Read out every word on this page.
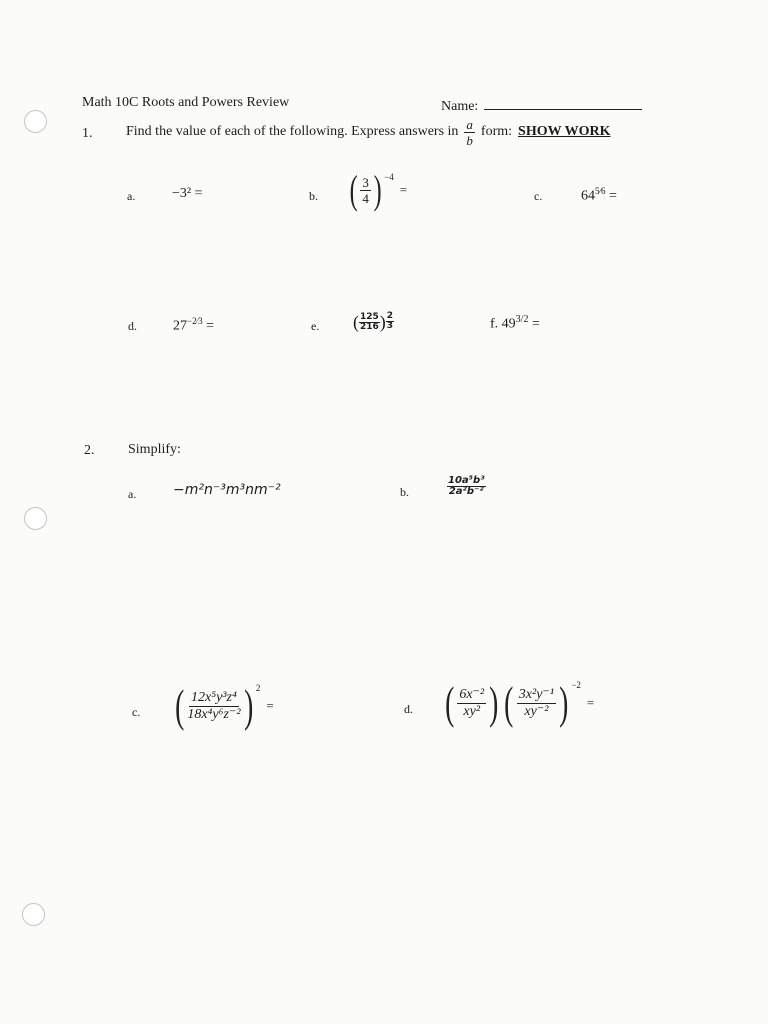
Math 10C Roots and Powers Review	Name:
1. Find the value of each of the following. Express answers in $\frac{a}{b}$ form: SHOW WORK
a.	−3² =	b. ( $\frac{3}{4}$ ) $^{-4}$
=	c.	$64^{5⁄6}$ =
d.	$27^{-2⁄3}$ =	e. ( $\frac{125}{216}$ ) $\frac{2}{3}$	f. $49^{3/2}$ =
2. Simplify:
a.	−m²n⁻³m³nm⁻²	b.	$\frac{\text{10a⁵b³}}{\text{2a²b⁻²}}$
c. ( $\frac{\text{12x⁵y³z⁴}}{\text{18x⁴y⁶z⁻²}}$ ) $^2$
=	d. ( $\frac{\text{6x⁻²}}{\text{xy²}}$ ) ( $\frac{\text{3x²y⁻¹}}{\text{xy⁻²}}$ ) $^{-2}$
=
